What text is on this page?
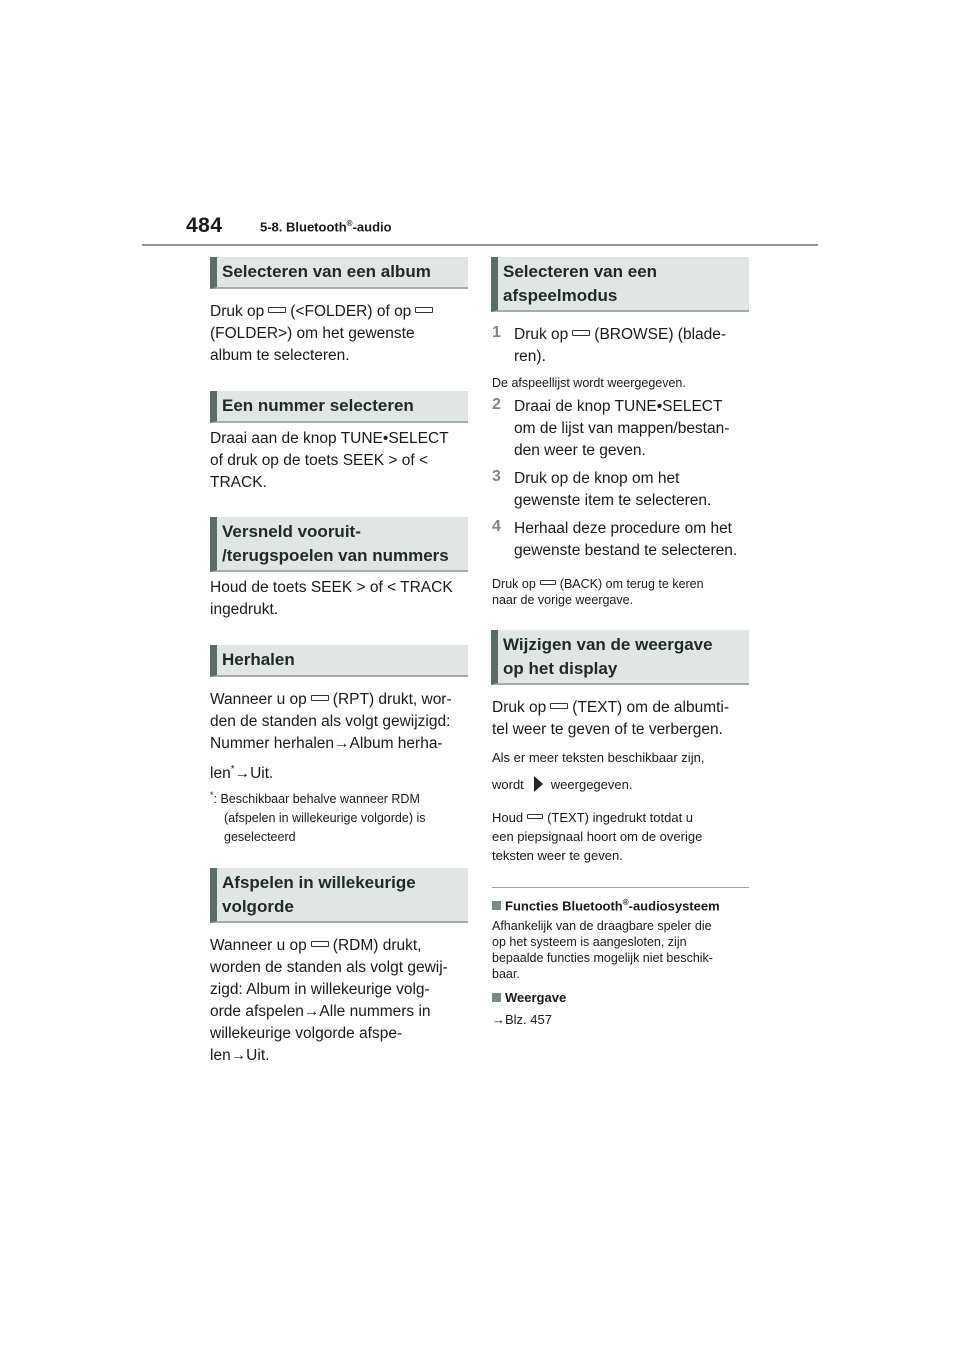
484	5-8. Bluetooth®-audio
Selecteren van een album
Druk op (<FOLDER) of op
(FOLDER>) om het gewenste
album te selecteren.
Een nummer selecteren
Draai aan de knop TUNE•SELECT
of druk op de toets SEEK > of <
TRACK.
Versneld vooruit-
/terugspoelen van nummers
Houd de toets SEEK > of < TRACK
ingedrukt.
Herhalen
Wanneer u op (RPT) drukt, wor-
den de standen als volgt gewijzigd:
Nummer herhalen→Album herha-
len*→Uit.
*: Beschikbaar behalve wanneer RDM
(afspelen in willekeurige volgorde) is
geselecteerd
Afspelen in willekeurige
volgorde
Wanneer u op (RDM) drukt,
worden de standen als volgt gewij-
zigd: Album in willekeurige volg-
orde afspelen→Alle nummers in
willekeurige volgorde afspe-
len→Uit.
Selecteren van een
afspeelmodus
1 Druk op (BROWSE) (blade-
ren).
De afspeellijst wordt weergegeven.
2 Draai de knop TUNE•SELECT
om de lijst van mappen/bestan-
den weer te geven.
3 Druk op de knop om het
gewenste item te selecteren.
4 Herhaal deze procedure om het
gewenste bestand te selecteren.
Druk op (BACK) om terug te keren
naar de vorige weergave.
Wijzigen van de weergave
op het display
Druk op (TEXT) om de albumti-
tel weer te geven of te verbergen.
Als er meer teksten beschikbaar zijn,
wordt weergegeven.
Houd (TEXT) ingedrukt totdat u
een piepsignaal hoort om de overige
teksten weer te geven.
Functies Bluetooth®-audiosysteem
Afhankelijk van de draagbare speler die
op het systeem is aangesloten, zijn
bepaalde functies mogelijk niet beschik-
baar.
Weergave
→Blz. 457
